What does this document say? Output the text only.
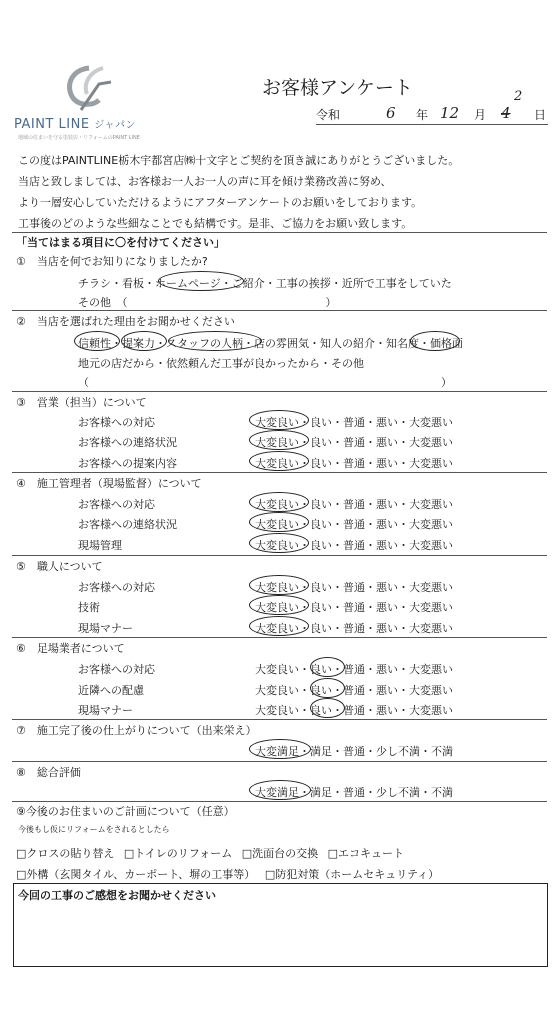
PAINT LINE ジャパン
地域の住まいを守る塗装店・リフォームのPAINT LINE
お客様アンケート
令和	6 年 12 月 4
2
日
この度はPAINTLINE栃木宇都宮店㈱十文字とご契約を頂き誠にありがとうございました。
当店と致しましては、お客様お一人お一人の声に耳を傾け業務改善に努め、
より一層安心していただけるようにアフターアンケートのお願いをしております。
工事後のどのような些細なことでも結構です。是非、ご協力をお願い致します。
「当てはまる項目に〇を付けてください」
①　 当店を何でお知りになりましたか?
チラシ・看板・ホームページ・ご紹介・工事の挨拶・近所で工事をしていた
その他　（　　　　　　　　　　　　　　　　　　）
②　 当店を選ばれた理由をお聞かせください
信頼性・提案力・スタッフの人柄・店の雰囲気・知人の紹介・知名度・価格面
地元の店だから・依然頼んだ工事が良かったから・その他
（　　　　　　　　　　　　　　　　　　　　　　　　　　　　　　　　）
③　 営業（担当）について
お客様への対応
お客様への連絡状況
お客様への提案内容
大変良い・良い・普通・悪い・大変悪い
大変良い・良い・普通・悪い・大変悪い
大変良い・良い・普通・悪い・大変悪い
④　 施工管理者（現場監督）について
お客様への対応
お客様への連絡状況
現場管理
大変良い・良い・普通・悪い・大変悪い
大変良い・良い・普通・悪い・大変悪い
大変良い・良い・普通・悪い・大変悪い
⑤　 職人について
お客様への対応
技術
現場マナー
大変良い・良い・普通・悪い・大変悪い
大変良い・良い・普通・悪い・大変悪い
大変良い・良い・普通・悪い・大変悪い
⑥　 足場業者について
お客様への対応
近隣への配慮
現場マナー
大変良い・良い・普通・悪い・大変悪い
大変良い・良い・普通・悪い・大変悪い
大変良い・良い・普通・悪い・大変悪い
⑦　 施工完了後の仕上がりについて（出来栄え）
大変満足・満足・普通・少し不満・不満
⑧　 総合評価
大変満足・満足・普通・少し不満・不満
⑨今後のお住まいのご計画について（任意）
今後もし仮にリフォームをされるとしたら
□クロスの貼り替え □トイレのリフォーム □洗面台の交換 □エコキュート
□外構（玄関タイル、カーポート、塀の工事等） □防犯対策（ホームセキュリティ）
今回の工事のご感想をお聞かせください
